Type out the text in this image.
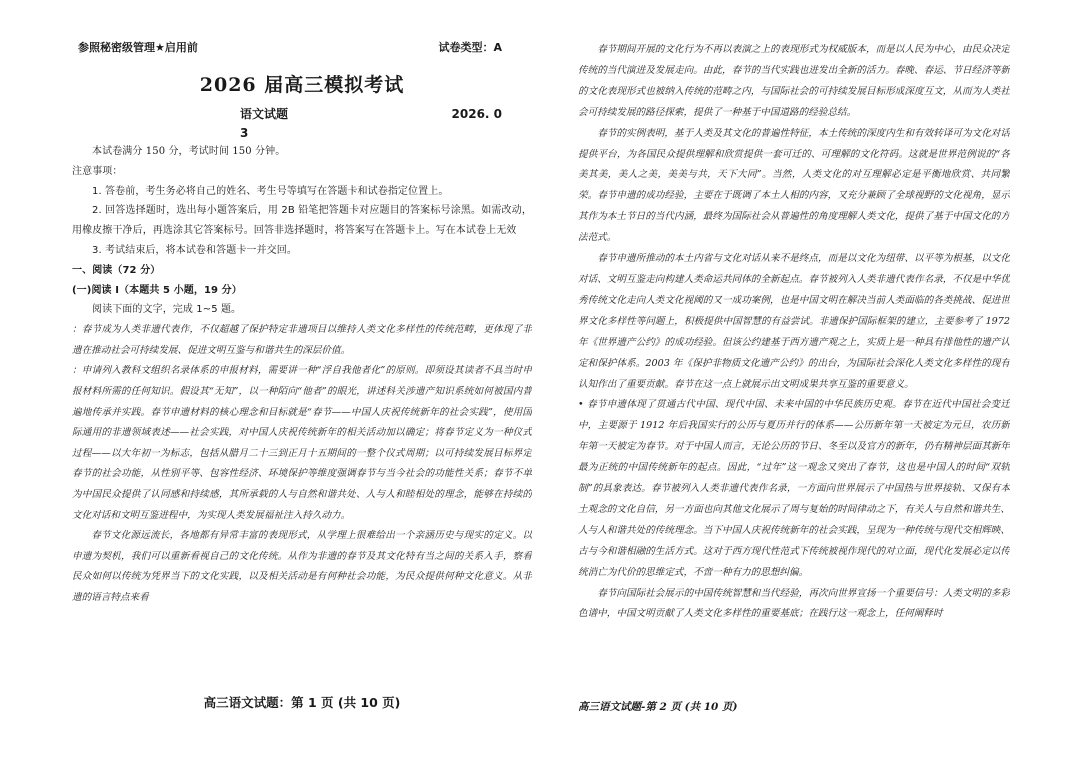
参照秘密级管理★启用前	试卷类型：A
2026 届高三模拟考试
语文试题	2026. 0
3

本试卷满分 150 分，考试时间 150 分钟。

注意事项：

1. 答卷前，考生务必将自己的姓名、考生号等填写在答题卡和试卷指定位置上。

2. 回答选择题时，选出每小题答案后，用 2B 铅笔把答题卡对应题目的答案标号涂黑。如需改动，用橡皮擦干净后，再选涂其它答案标号。回答非选择题时，将答案写在答题卡上。写在本试卷上无效

3. 考试结束后，将本试卷和答题卡一并交回。

一、阅读（72 分）

(一)阅读 I（本题共 5 小题，19 分）

阅读下面的文字，完成 1~5 题。

：春节成为人类非遗代表作，不仅超越了保护特定非遗项目以维持人类文化多样性的传统范畴，更体现了非遗在推动社会可持续发展、促进文明互鉴与和谐共生的深层价值。

：申请列入教科文组织名录体系的申报材料，需要讲一种“浮自我他者化”的原则。即须设其读者不具当时申报材料所需的任何知识。假设其“无知”，以一种陌向“他者”的眼光，讲述科关涉遗产知识系统如何被国内普遍地传承并实践。春节申遗材料的核心理念和目标就是“春节——中国人庆祝传统新年的社会实践”，使用国际通用的非遗领域表述——社会实践，对中国人庆祝传统新年的相关活动加以确定；将春节定义为一种仪式过程——以大年初一为标志，包括从腊月二十三到正月十五期间的一整个仪式周期；以可持续发展目标界定春节的社会功能，从性别平等、包容性经济、环境保护等维度强调春节与当今社会的功能性关系；春节不单为中国民众提供了认同感和持续感，其所承载的人与自然和谐共处、人与人和睦相处的理念，能够在持续的文化对话和文明互鉴进程中，为实现人类发展福祉注入持久动力。

春节文化源远流长，各地都有异常丰富的表现形式，从学理上很难给出一个亲涵历史与现实的定义。以申遗为契机，我们可以重新看视自己的文化传统。从作为非遗的春节及其文化特有当之间的关系入手，察看民众如何以传统为凭界当下的文化实践，以及相关活动是有何种社会功能，为民众提供何种文化意义。从非遗的语言特点来看

高三语文试题：第 1 页 (共 10 页)

春节期间开展的文化行为不再以表演之上的表现形式为权威版本，而是以人民为中心，由民众决定传统的当代演进及发展走向。由此，春节的当代实践也进发出全新的活力。春晚、春运、节日经济等新的文化表现形式也被纳入传统的范畴之内，与国际社会的可持续发展目标形成深度互文，从而为人类社会可持续发展的路径探索，提供了一种基于中国道路的经验总结。

春节的实例表明，基于人类及其文化的普遍性特征，本土传统的深度内生和有效转译可为文化对话提供平台，为各国民众提供理解和欣赏提供一套可迁的、可理解的文化符码。这就是世界范例说的“各美其美，美人之美，美美与共，天下大同”。当然，人类文化的对互理解必定是平衡地欣赏、共同繁荣。春节申遗的成功经验，主要在于既调了本土人相的内容，又充分兼顾了全球视野的文化视角，显示其作为本土节日的当代内涵，最终为国际社会从普遍性的角度理解人类文化，提供了基于中国文化的方法范式。

春节申遗所推动的本土内省与文化对话从来不是终点，而是以文化为纽带、以平等为根基，以文化对话、文明互鉴走向构建人类命运共同体的全新起点。春节被列入人类非遗代表作名录，不仅是中华优秀传统文化走向人类文化视阈的又一成功案例，也是中国文明在解决当前人类面临的各类挑战、促进世界文化多样性等问题上，积极提供中国智慧的有益尝试。非遗保护国际框架的建立，主要参考了 1972 年《世界遗产公约》的成功经验。但该公约建基于西方遗产观之上，实质上是一种具有排他性的遗产认定和保护体系。2003 年《保护非物质文化遗产公约》的出台，为国际社会深化人类文化多样性的现有认知作出了重要贡献。春节在这一点上就展示出文明成果共享互鉴的重要意义。

• 春节申遗体现了贯通古代中国、现代中国、未来中国的中华民族历史观。春节在近代中国社会变迁中，主要源于 1912 年后我国实行的公历与夏历并行的体系——公历新年第一天被定为元旦，农历新年第一天被定为春节。对于中国人而言，无论公历的节日、冬至以及官方的新年，仍有精神层面其新年最为正统的中国传统新年的起点。因此，“过年”这一观念又突出了春节，这也是中国人的时间“双轨制”的具象表达。春节被列入人类非遗代表作名录，一方面向世界展示了中国热与世界接轨、又保有本土观念的文化自信，另一方面也向其他文化展示了周与复始的时间律动之下，有关人与自然和谐共生、人与人和谐共处的传统理念。当下中国人庆祝传统新年的社会实践，呈现为一种传统与现代交相辉映、古与今和谐相融的生活方式。这对于西方现代性范式下传统被视作现代的对立面，现代化发展必定以传统消亡为代价的思维定式，不啻一种有力的思想纠偏。

春节向国际社会展示的中国传统智慧和当代经验，再次向世界宣扬一个重要信号：人类文明的多彩色谱中，中国文明贡献了人类文化多样性的重要基底；在践行这一观念上，任何阐释时

高三语文试题-第 2 页 (共 10 页)
